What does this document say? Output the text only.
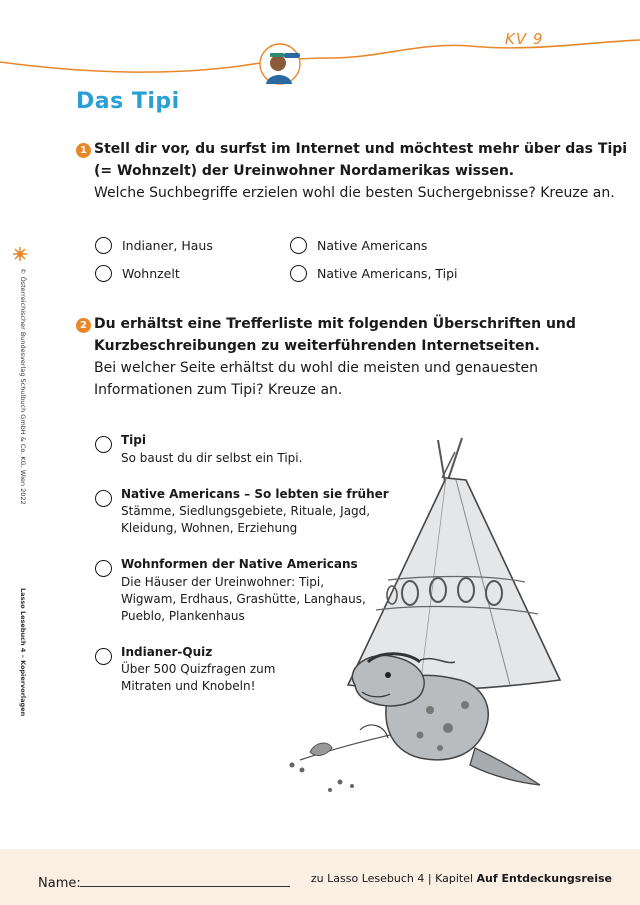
KV 9
Das Tipi
1 Stell dir vor, du surfst im Internet und möchtest mehr über das Tipi
(= Wohnzelt) der Ureinwohner Nordamerikas wissen.
Welche Suchbegriffe erzielen wohl die besten Suchergebnisse? Kreuze an.
Indianer, Haus	Native Americans
Wohnzelt	Native Americans, Tipi
2 Du erhältst eine Trefferliste mit folgenden Überschriften und
Kurzbeschreibungen zu weiterführenden Internetseiten.
Bei welcher Seite erhältst du wohl die meisten und genauesten
Informationen zum Tipi? Kreuze an.
Tipi
So baust du dir selbst ein Tipi.
Native Americans – So lebten sie früher
Stämme, Siedlungsgebiete, Rituale, Jagd, Kleidung, Wohnen, Erziehung
Wohnformen der Native Americans
Die Häuser der Ureinwohner: Tipi, Wigwam, Erdhaus, Grashütte, Langhaus, Pueblo, Plankenhaus
Indianer-Quiz
Über 500 Quizfragen zum Mitraten und Knobeln!
© Österreichischer Bundesverlag Schulbuch GmbH & Co. KG, Wien 2022
Lasso Lesebuch 4 – Kopiervorlagen
Name:	zu Lasso Lesebuch 4 | Kapitel Auf Entdeckungsreise
